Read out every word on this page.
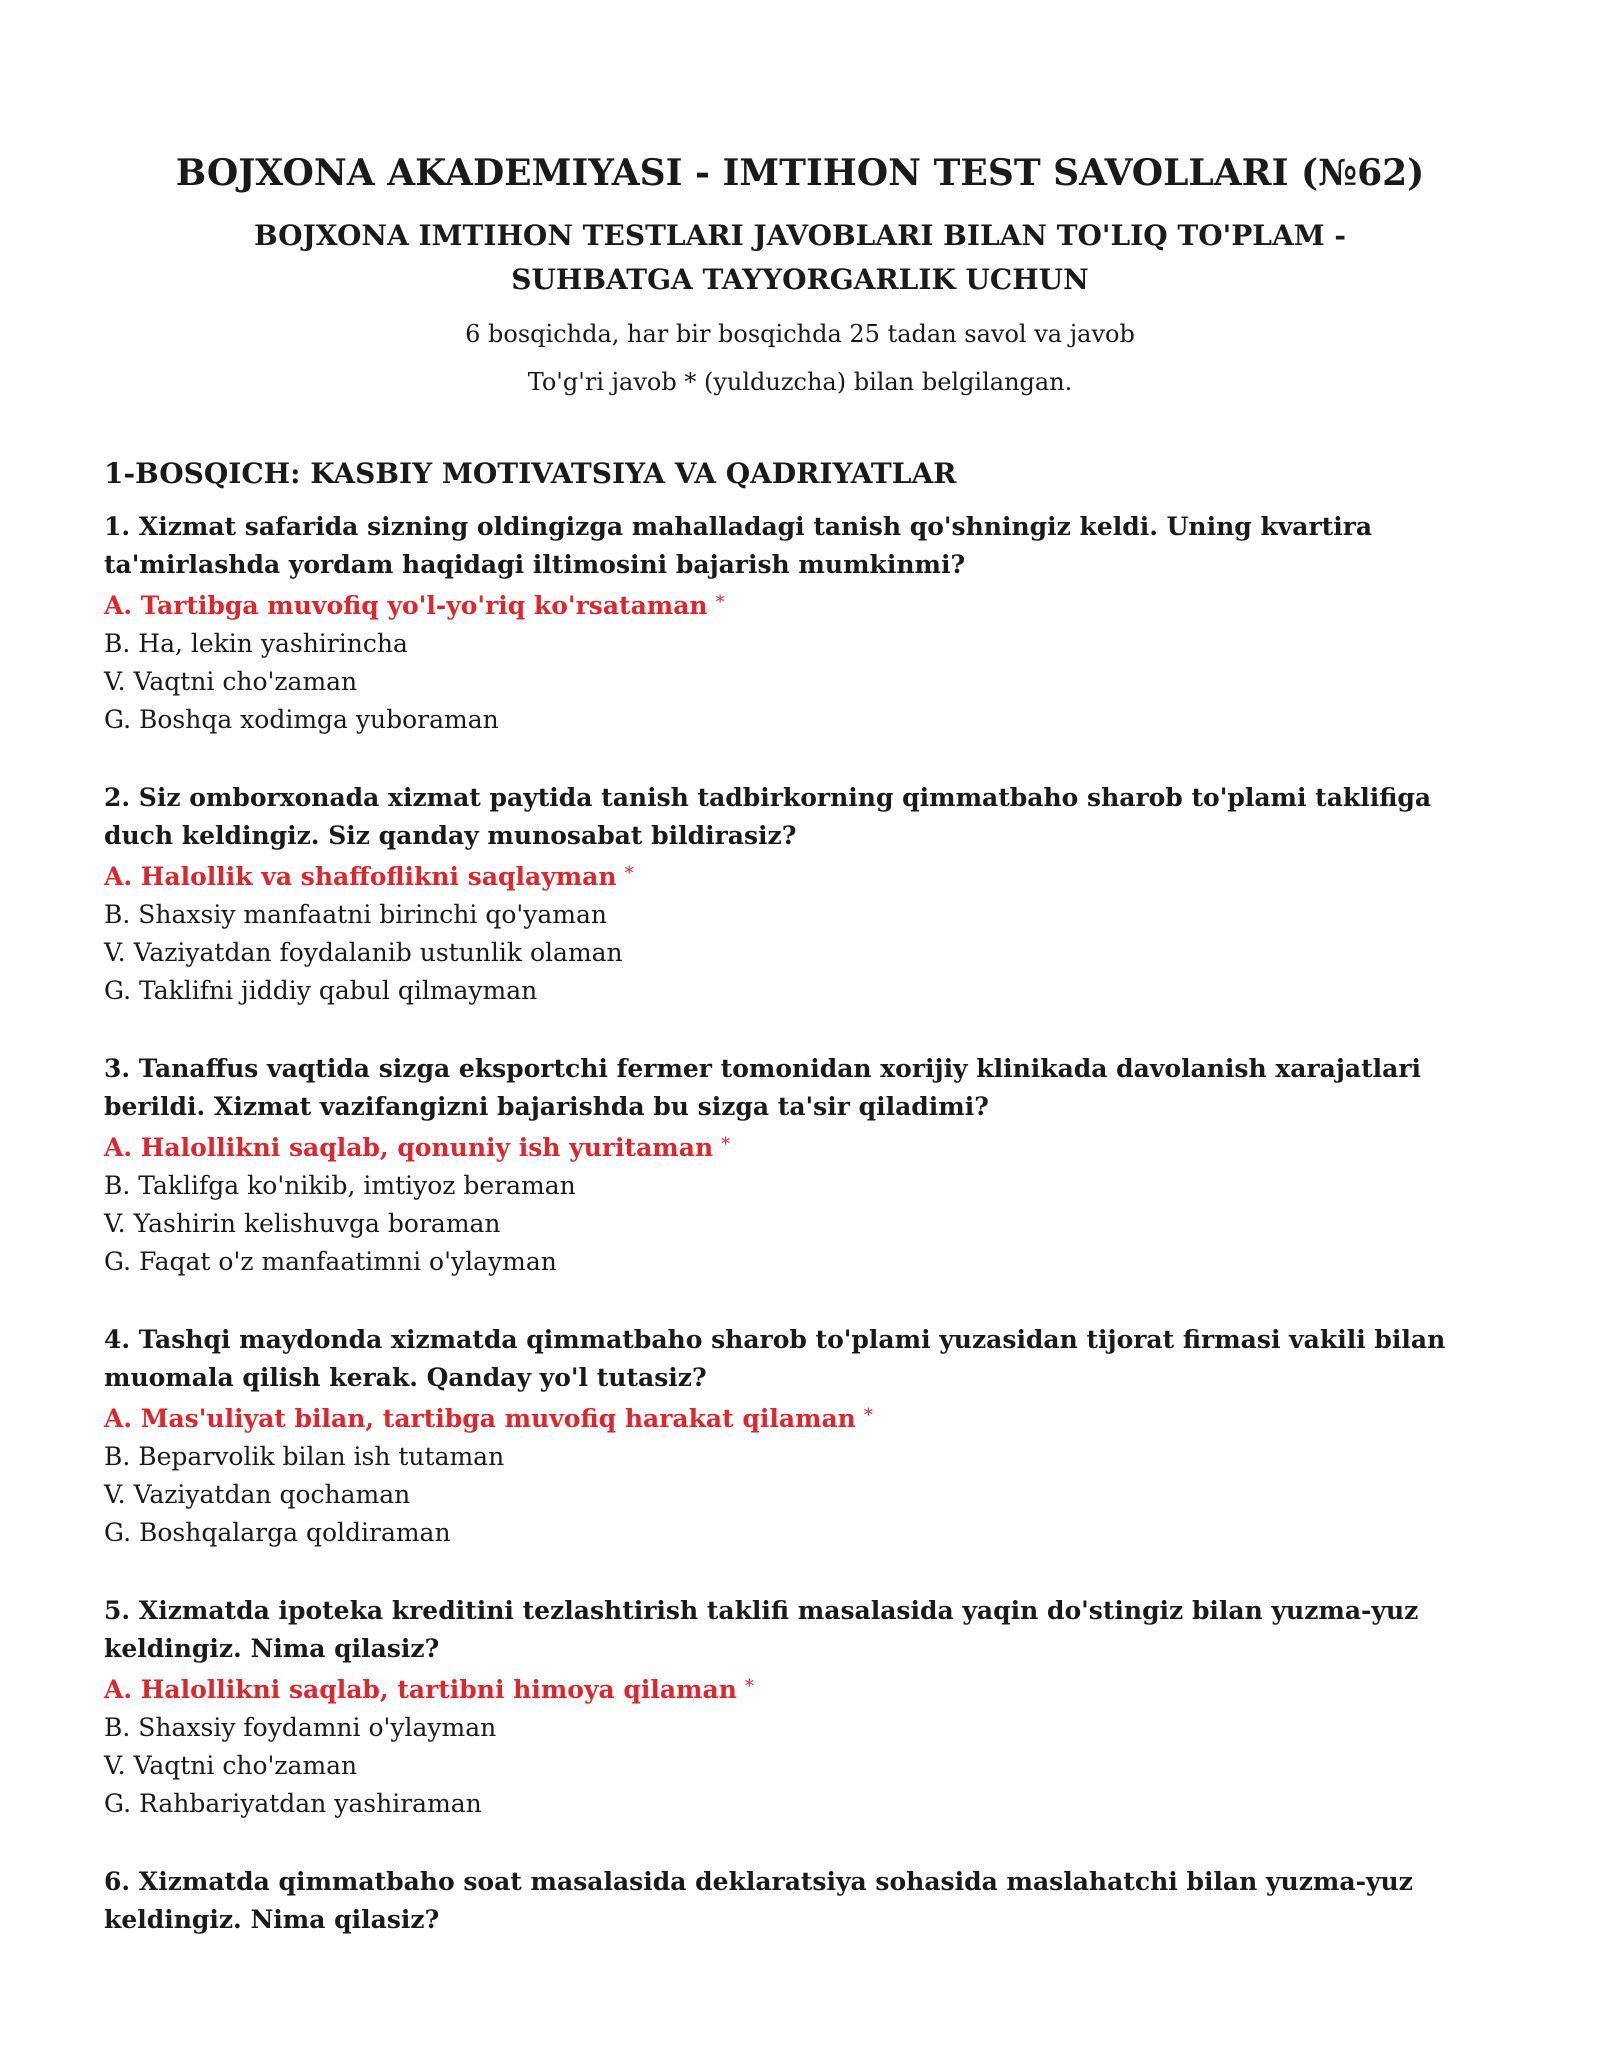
BOJXONA AKADEMIYASI - IMTIHON TEST SAVOLLARI (№62)
BOJXONA IMTIHON TESTLARI JAVOBLARI BILAN TO'LIQ TO'PLAM - SUHBATGA TAYYORGARLIK UCHUN

6 bosqichda, har bir bosqichda 25 tadan savol va javob

To'g'ri javob * (yulduzcha) bilan belgilangan.

1-BOSQICH: KASBIY MOTIVATSIYA VA QADRIYATLAR

1. Xizmat safarida sizning oldingizga mahalladagi tanish qo'shningiz keldi. Uning kvartira ta'mirlashda yordam haqidagi iltimosini bajarish mumkinmi?

A. Tartibga muvofiq yo'l-yo'riq ko'rsataman *
B. Ha, lekin yashirincha
V. Vaqtni cho'zaman
G. Boshqa xodimga yuboraman

2. Siz omborxonada xizmat paytida tanish tadbirkorning qimmatbaho sharob to'plami taklifiga duch keldingiz. Siz qanday munosabat bildirasiz?

A. Halollik va shaffoflikni saqlayman *
B. Shaxsiy manfaatni birinchi qo'yaman
V. Vaziyatdan foydalanib ustunlik olaman
G. Taklifni jiddiy qabul qilmayman

3. Tanaffus vaqtida sizga eksportchi fermer tomonidan xorijiy klinikada davolanish xarajatlari berildi. Xizmat vazifangizni bajarishda bu sizga ta'sir qiladimi?

A. Halollikni saqlab, qonuniy ish yuritaman *
B. Taklifga ko'nikib, imtiyoz beraman
V. Yashirin kelishuvga boraman
G. Faqat o'z manfaatimni o'ylayman

4. Tashqi maydonda xizmatda qimmatbaho sharob to'plami yuzasidan tijorat firmasi vakili bilan muomala qilish kerak. Qanday yo'l tutasiz?

A. Mas'uliyat bilan, tartibga muvofiq harakat qilaman *
B. Beparvolik bilan ish tutaman
V. Vaziyatdan qochaman
G. Boshqalarga qoldiraman

5. Xizmatda ipoteka kreditini tezlashtirish taklifi masalasida yaqin do'stingiz bilan yuzma-yuz keldingiz. Nima qilasiz?

A. Halollikni saqlab, tartibni himoya qilaman *
B. Shaxsiy foydamni o'ylayman
V. Vaqtni cho'zaman
G. Rahbariyatdan yashiraman

6. Xizmatda qimmatbaho soat masalasida deklaratsiya sohasida maslahatchi bilan yuzma-yuz keldingiz. Nima qilasiz?
